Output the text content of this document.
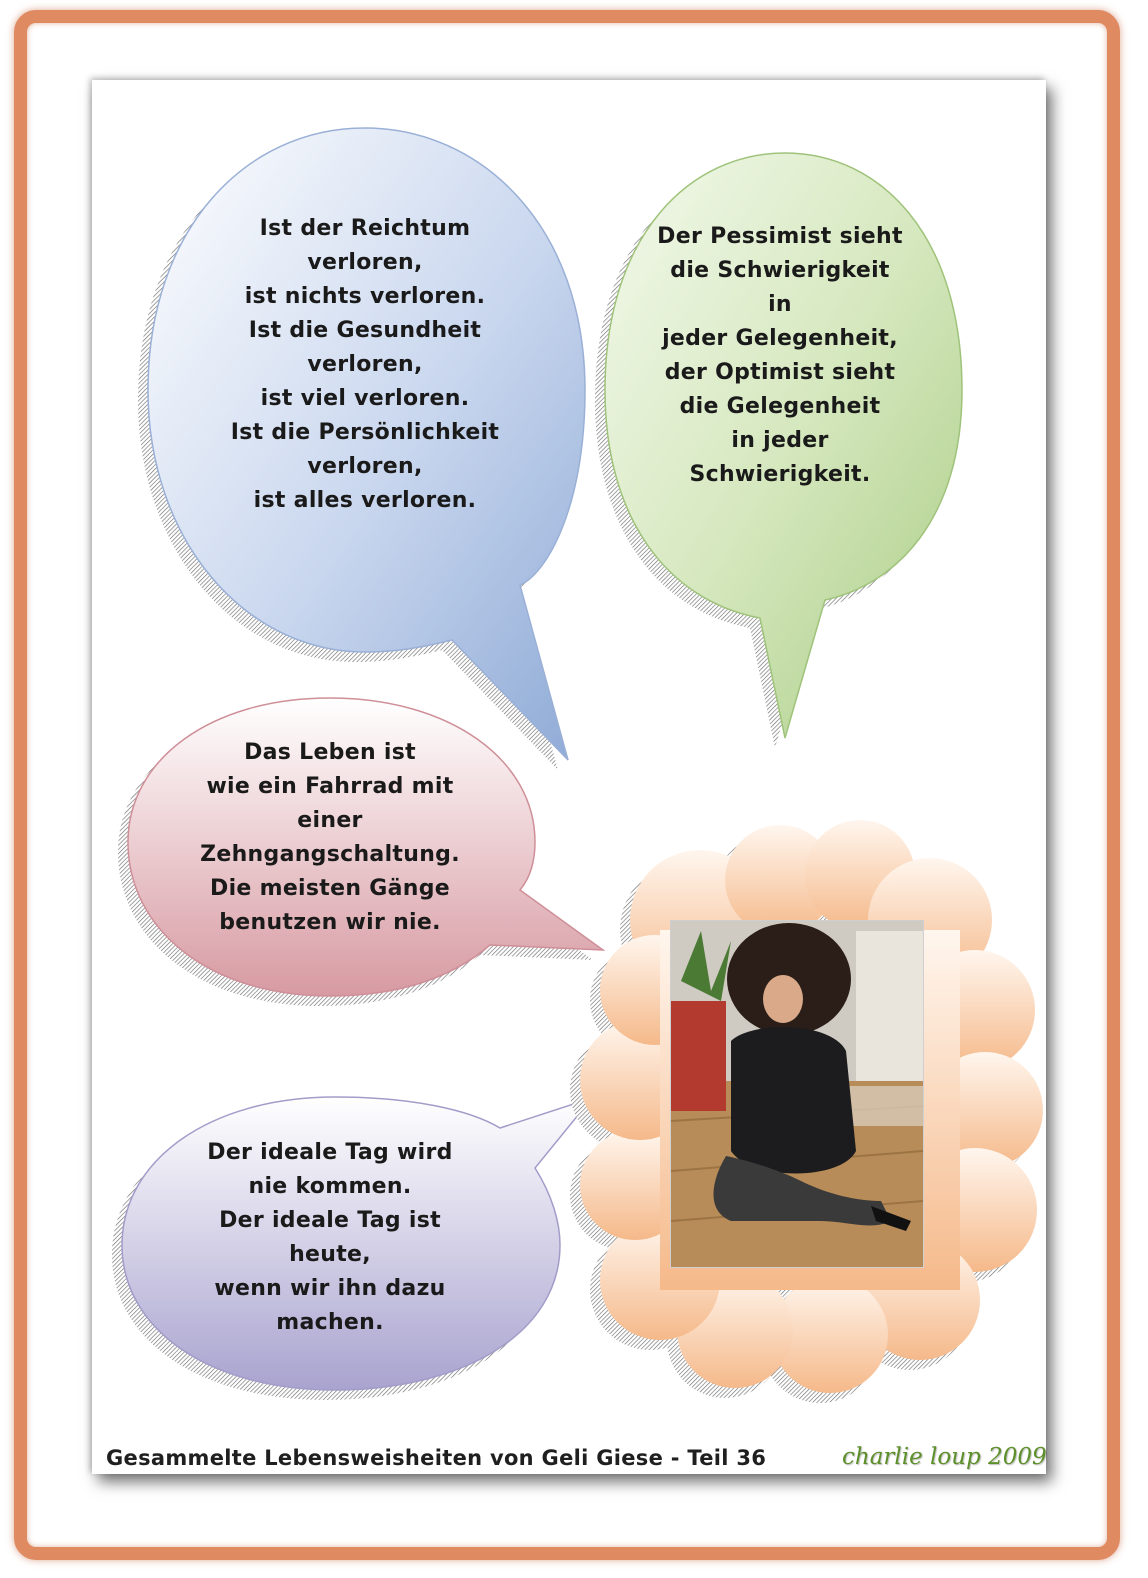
Ist der Reichtum
verloren,
ist nichts verloren.
Ist die Gesundheit
verloren,
ist viel verloren.
Ist die Persönlichkeit
verloren,
ist alles verloren.
Der Pessimist sieht
die Schwierigkeit
in
jeder Gelegenheit,
der Optimist sieht
die Gelegenheit
in jeder
Schwierigkeit.
Das Leben ist
wie ein Fahrrad mit
einer
Zehngangschaltung.
Die meisten Gänge
benutzen wir nie.
Der ideale Tag wird
nie kommen.
Der ideale Tag ist
heute,
wenn wir ihn dazu
machen.
Gesammelte Lebensweisheiten von Geli Giese - Teil 36	charlie loup 2009
